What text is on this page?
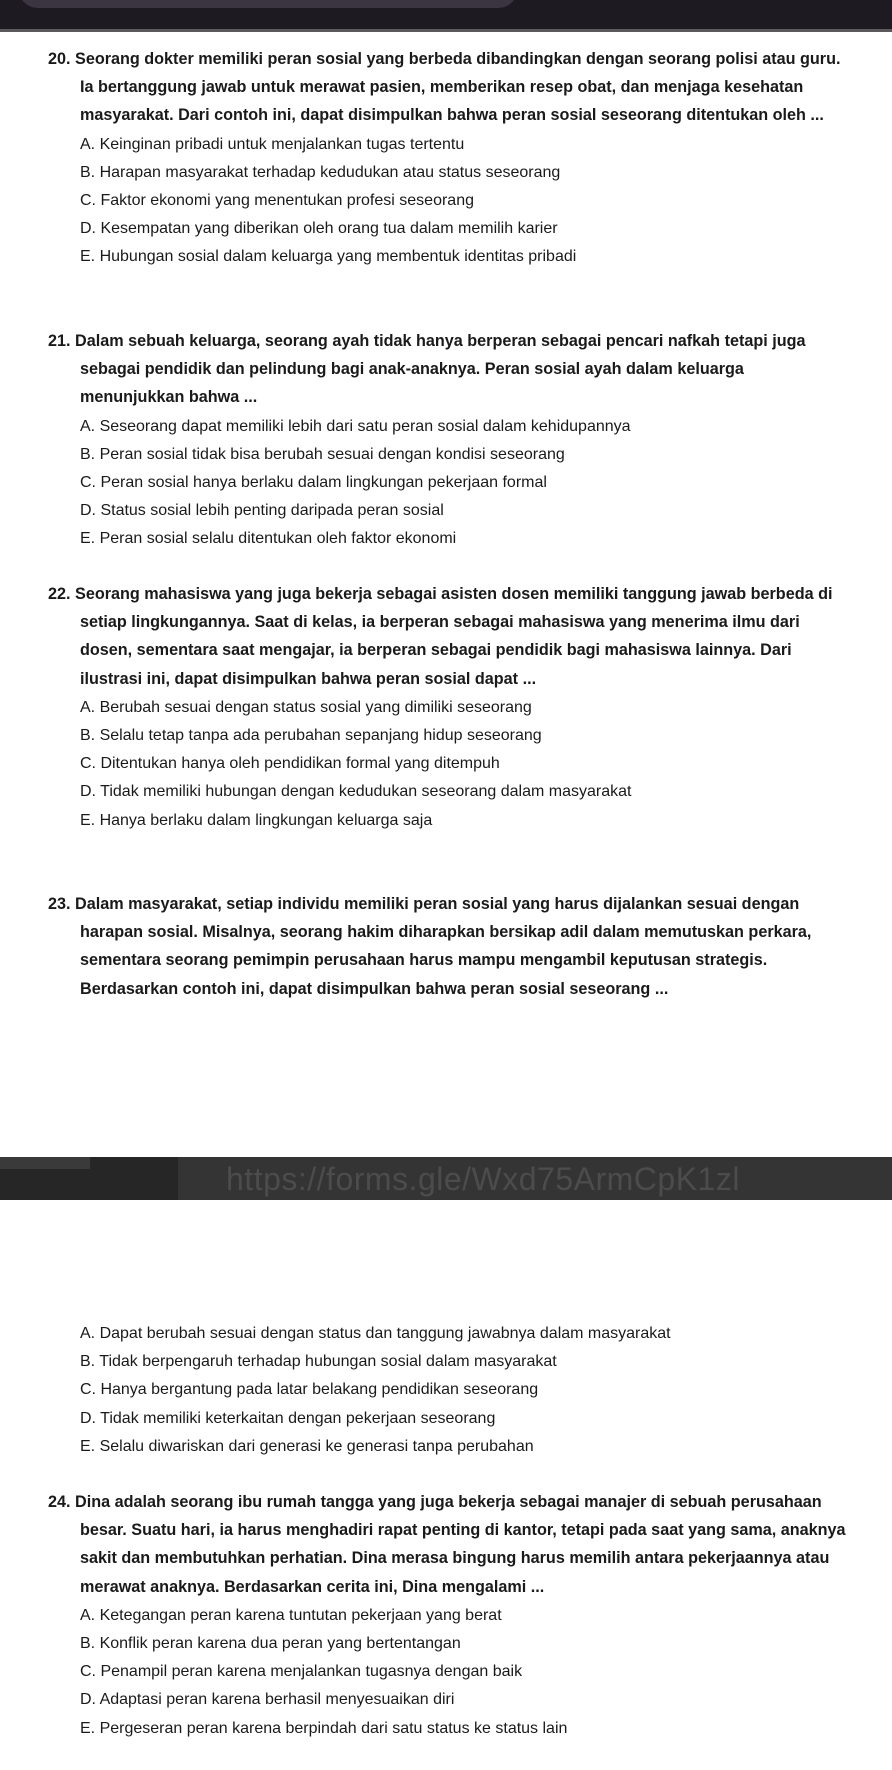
20. Seorang dokter memiliki peran sosial yang berbeda dibandingkan dengan seorang polisi atau guru. Ia bertanggung jawab untuk merawat pasien, memberikan resep obat, dan menjaga kesehatan masyarakat. Dari contoh ini, dapat disimpulkan bahwa peran sosial seseorang ditentukan oleh ...

A. Keinginan pribadi untuk menjalankan tugas tertentu
B. Harapan masyarakat terhadap kedudukan atau status seseorang
C. Faktor ekonomi yang menentukan profesi seseorang
D. Kesempatan yang diberikan oleh orang tua dalam memilih karier
E. Hubungan sosial dalam keluarga yang membentuk identitas pribadi

21. Dalam sebuah keluarga, seorang ayah tidak hanya berperan sebagai pencari nafkah tetapi juga sebagai pendidik dan pelindung bagi anak-anaknya. Peran sosial ayah dalam keluarga menunjukkan bahwa ...

A. Seseorang dapat memiliki lebih dari satu peran sosial dalam kehidupannya
B. Peran sosial tidak bisa berubah sesuai dengan kondisi seseorang
C. Peran sosial hanya berlaku dalam lingkungan pekerjaan formal
D. Status sosial lebih penting daripada peran sosial
E. Peran sosial selalu ditentukan oleh faktor ekonomi

22. Seorang mahasiswa yang juga bekerja sebagai asisten dosen memiliki tanggung jawab berbeda di setiap lingkungannya. Saat di kelas, ia berperan sebagai mahasiswa yang menerima ilmu dari dosen, sementara saat mengajar, ia berperan sebagai pendidik bagi mahasiswa lainnya. Dari ilustrasi ini, dapat disimpulkan bahwa peran sosial dapat ...

A. Berubah sesuai dengan status sosial yang dimiliki seseorang
B. Selalu tetap tanpa ada perubahan sepanjang hidup seseorang
C. Ditentukan hanya oleh pendidikan formal yang ditempuh
D. Tidak memiliki hubungan dengan kedudukan seseorang dalam masyarakat
E. Hanya berlaku dalam lingkungan keluarga saja

23. Dalam masyarakat, setiap individu memiliki peran sosial yang harus dijalankan sesuai dengan harapan sosial. Misalnya, seorang hakim diharapkan bersikap adil dalam memutuskan perkara, sementara seorang pemimpin perusahaan harus mampu mengambil keputusan strategis. Berdasarkan contoh ini, dapat disimpulkan bahwa peran sosial seseorang ...

https://forms.gle/Wxd75ArmCpK1zl
A. Dapat berubah sesuai dengan status dan tanggung jawabnya dalam masyarakat
B. Tidak berpengaruh terhadap hubungan sosial dalam masyarakat
C. Hanya bergantung pada latar belakang pendidikan seseorang
D. Tidak memiliki keterkaitan dengan pekerjaan seseorang
E. Selalu diwariskan dari generasi ke generasi tanpa perubahan

24. Dina adalah seorang ibu rumah tangga yang juga bekerja sebagai manajer di sebuah perusahaan besar. Suatu hari, ia harus menghadiri rapat penting di kantor, tetapi pada saat yang sama, anaknya sakit dan membutuhkan perhatian. Dina merasa bingung harus memilih antara pekerjaannya atau merawat anaknya. Berdasarkan cerita ini, Dina mengalami ...

A. Ketegangan peran karena tuntutan pekerjaan yang berat
B. Konflik peran karena dua peran yang bertentangan
C. Penampil peran karena menjalankan tugasnya dengan baik
D. Adaptasi peran karena berhasil menyesuaikan diri
E. Pergeseran peran karena berpindah dari satu status ke status lain
